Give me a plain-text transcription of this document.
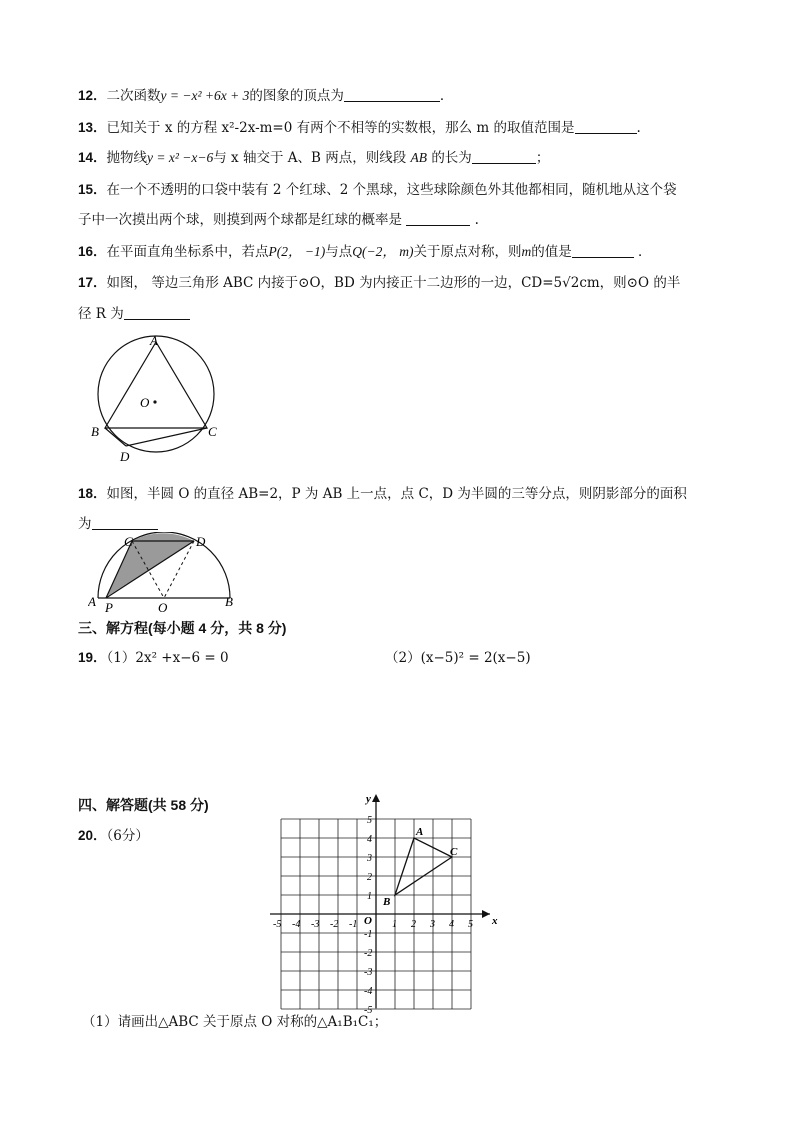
12．二次函数y = −x² +6x + 3的图象的顶点为	．
13．已知关于 x 的方程 x²-2x-m=0 有两个不相等的实数根，那么 m 的取值范围是	.
14．抛物线y = x² −x−6与 x 轴交于 A、B 两点，则线段 AB 的长为	；
15．在一个不透明的口袋中装有 2 个红球、2 个黑球，这些球除颜色外其他都相同，随机地从这个袋
子中一次摸出两个球，则摸到两个球都是红球的概率是	.
16．在平面直角坐标系中，若点P(2， −1)与点Q(−2， m)关于原点对称，则m的值是	．
17．如图， 等边三角形 ABC 内接于⊙O，BD 为内接正十二边形的一边，CD=5√2cm，则⊙O 的半
径 R 为
A
B	C
D
O
18．如图，半圆 O 的直径 AB=2，P 为 AB 上一点，点 C，D 为半圆的三等分点，则阴影部分的面积
为
A P	O	B
C	D
三、解方程(每小题 4 分，共 8 分)
19．（1）2x² +x−6 = 0	（2）(x−5)² = 2(x−5)
四、解答题(共 58 分)
20．（6分）
-5
-5
-4
-4
-3
-3
-2
-2
-1
-1
1
1
2
2
3
3
4
4
5
5
x
y
O
A
B
C
（1）请画出△ABC 关于原点 O 对称的△A₁B₁C₁；
